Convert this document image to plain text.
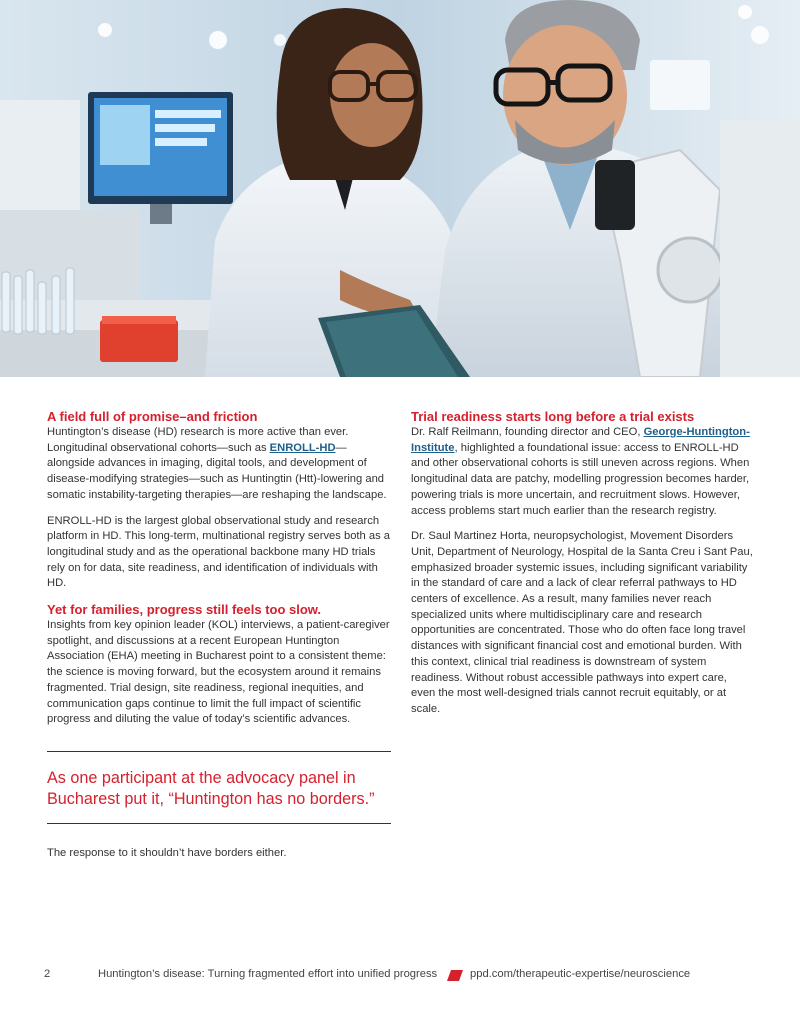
A field full of promise–and friction

Huntington’s disease (HD) research is more active than ever. Longitudinal observational cohorts—such as ENROLL-HD—alongside advances in imaging, digital tools, and development of disease-modifying strategies—such as Huntingtin (Htt)-lowering and somatic instability-targeting therapies—are reshaping the landscape.

ENROLL-HD is the largest global observational study and research platform in HD. This long-term, multinational registry serves both as a longitudinal study and as the operational backbone many HD trials rely on for data, site readiness, and identification of individuals with HD.

Yet for families, progress still feels too slow.

Insights from key opinion leader (KOL) interviews, a patient-caregiver spotlight, and discussions at a recent European Huntington Association (EHA) meeting in Bucharest point to a consistent theme: the science is moving forward, but the ecosystem around it remains fragmented. Trial design, site readiness, regional inequities, and communication gaps continue to limit the full impact of scientific progress and diluting the value of today’s scientific advances.

As one participant at the advocacy panel in Bucharest put it, “Huntington has no borders.”
The response to it shouldn’t have borders either.
Trial readiness starts long before a trial exists

Dr. Ralf Reilmann, founding director and CEO, George-Huntington-Institute, highlighted a foundational issue: access to ENROLL-HD and other observational cohorts is still uneven across regions. When longitudinal data are patchy, modelling progression becomes harder, powering trials is more uncertain, and recruitment slows. However, access problems start much earlier than the research registry.

Dr. Saul Martinez Horta, neuropsychologist, Movement Disorders Unit, Department of Neurology, Hospital de la Santa Creu i Sant Pau, emphasized broader systemic issues, including significant variability in the standard of care and a lack of clear referral pathways to HD centers of excellence. As a result, many families never reach specialized units where multidisciplinary care and research opportunities are concentrated. Those who do often face long travel distances with significant financial cost and emotional burden. With this context, clinical trial readiness is downstream of system readiness. Without robust accessible pathways into expert care, even the most well-designed trials cannot recruit equitably, or at scale.

2	Huntington’s disease: Turning fragmented effort into unified progress	ppd.com/therapeutic-expertise/neuroscience
